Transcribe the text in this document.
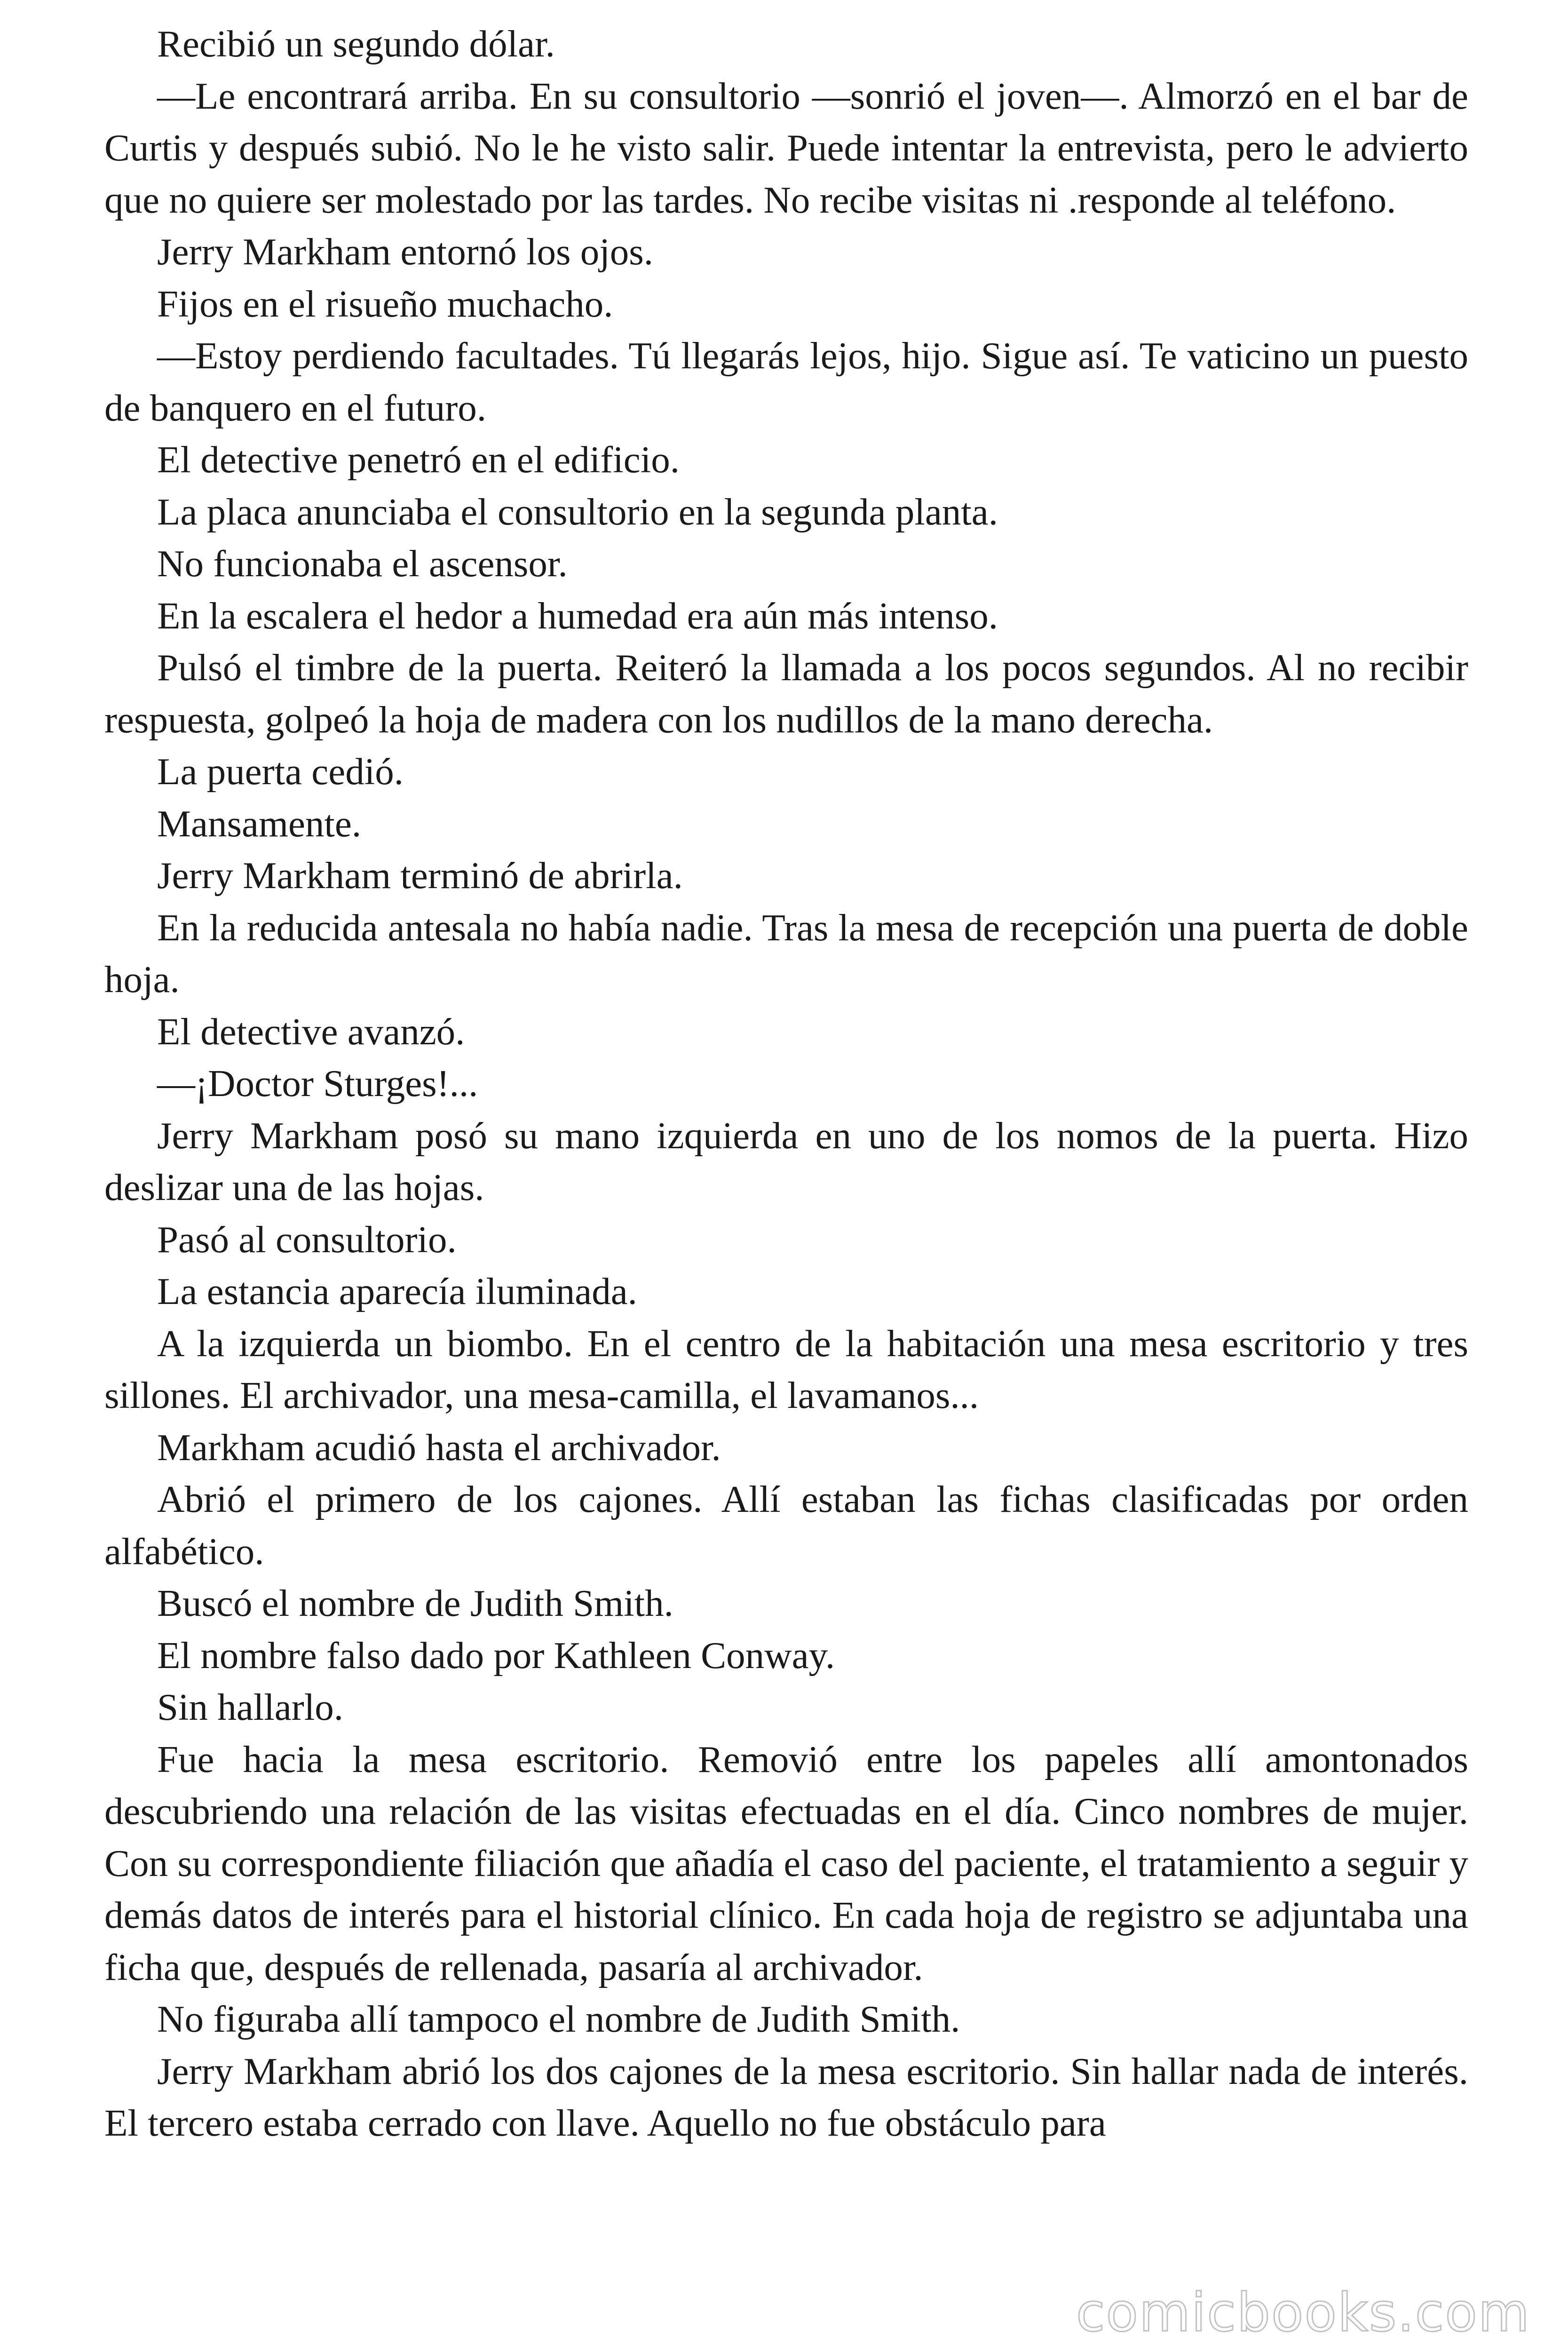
Recibió un segundo dólar.

—Le encontrará arriba. En su consultorio —sonrió el joven—. Almorzó en el bar de Curtis y después subió. No le he visto salir. Puede intentar la entrevista, pero le advierto que no quiere ser molestado por las tardes. No recibe visitas ni .responde al teléfono.

Jerry Markham entornó los ojos.

Fijos en el risueño muchacho.

—Estoy perdiendo facultades. Tú llegarás lejos, hijo. Sigue así. Te vaticino un puesto de banquero en el futuro.

El detective penetró en el edificio.

La placa anunciaba el consultorio en la segunda planta.

No funcionaba el ascensor.

En la escalera el hedor a humedad era aún más intenso.

Pulsó el timbre de la puerta. Reiteró la llamada a los pocos segundos. Al no recibir respuesta, golpeó la hoja de madera con los nudillos de la mano derecha.

La puerta cedió.

Mansamente.

Jerry Markham terminó de abrirla.

En la reducida antesala no había nadie. Tras la mesa de recepción una puerta de doble hoja.

El detective avanzó.

—¡Doctor Sturges!...

Jerry Markham posó su mano izquierda en uno de los nomos de la puerta. Hizo deslizar una de las hojas.

Pasó al consultorio.

La estancia aparecía iluminada.

A la izquierda un biombo. En el centro de la habitación una mesa escritorio y tres sillones. El archivador, una mesa-camilla, el lavamanos...

Markham acudió hasta el archivador.

Abrió el primero de los cajones. Allí estaban las fichas clasificadas por orden alfabético.

Buscó el nombre de Judith Smith.

El nombre falso dado por Kathleen Conway.

Sin hallarlo.

Fue hacia la mesa escritorio. Removió entre los papeles allí amontonados descubriendo una relación de las visitas efectuadas en el día. Cinco nombres de mujer. Con su correspondiente filiación que añadía el caso del paciente, el tratamiento a seguir y demás datos de interés para el historial clínico. En cada hoja de registro se adjuntaba una ficha que, después de rellenada, pasaría al archivador.

No figuraba allí tampoco el nombre de Judith Smith.

Jerry Markham abrió los dos cajones de la mesa escritorio. Sin hallar nada de interés. El tercero estaba cerrado con llave. Aquello no fue obstáculo para

comicbooks.com
